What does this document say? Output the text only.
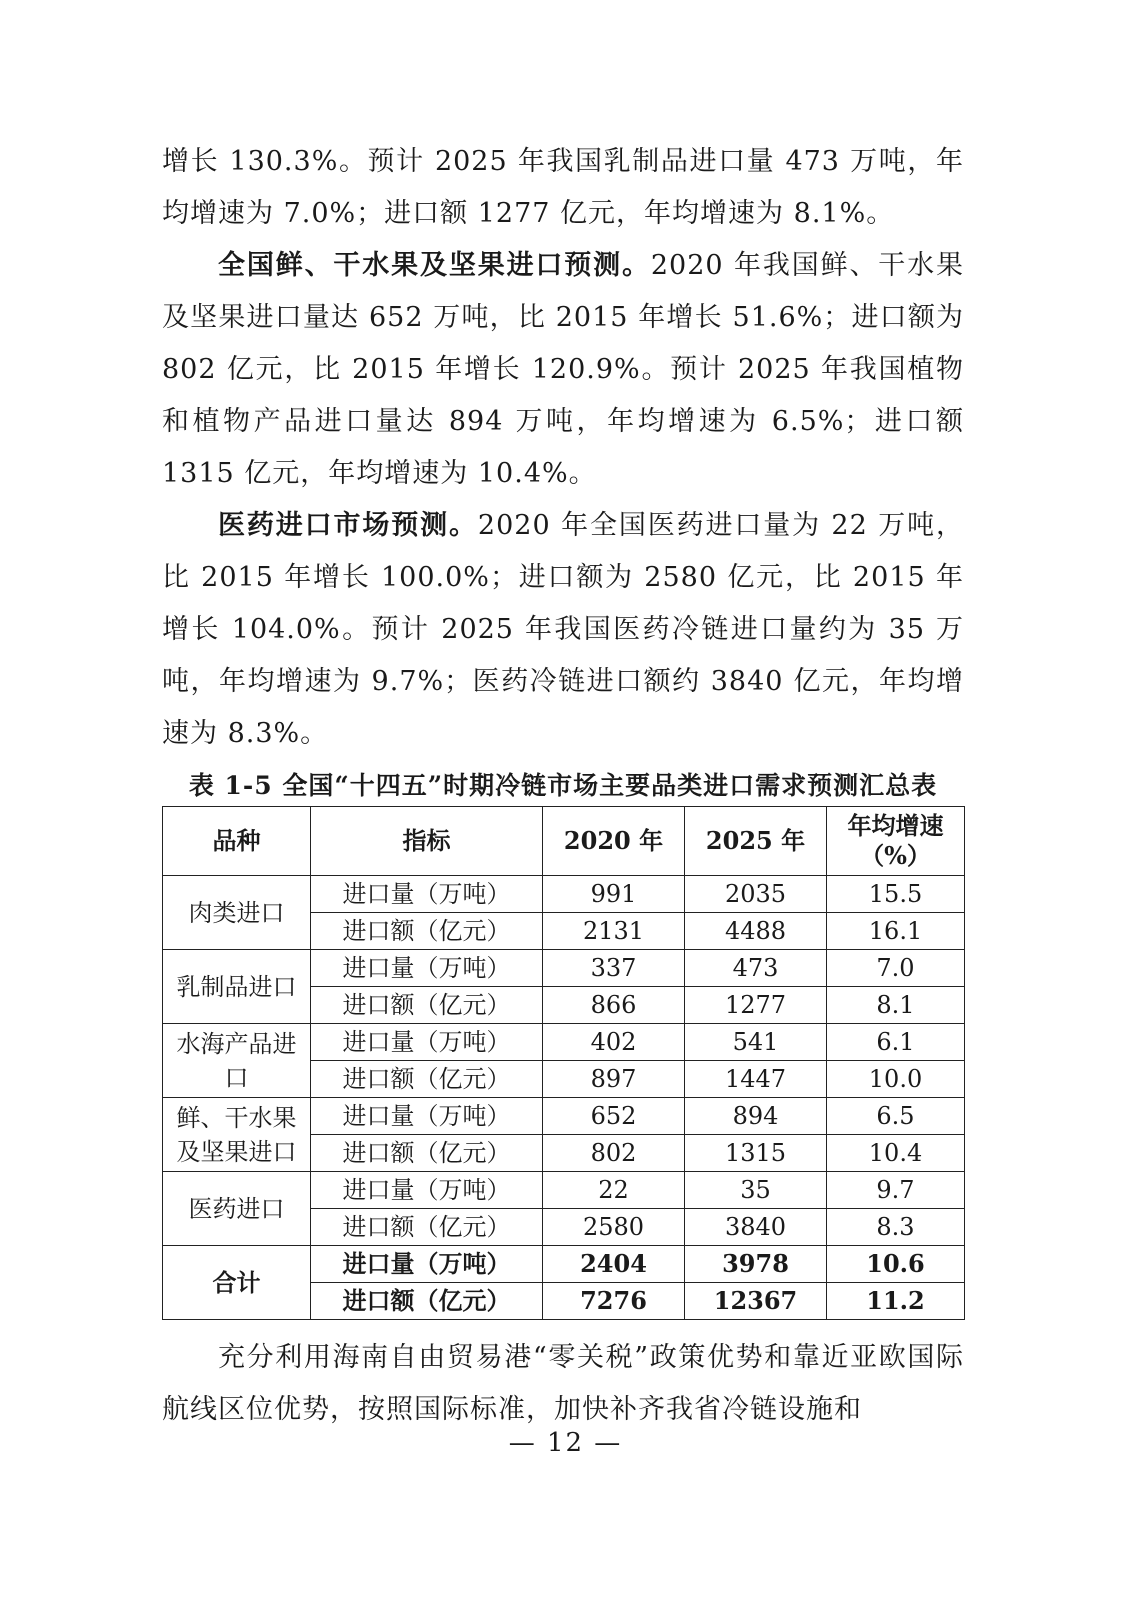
增长 130.3%。预计 2025 年我国乳制品进口量 473 万吨，年均增速为 7.0%；进口额 1277 亿元，年均增速为 8.1%。

全国鲜、干水果及坚果进口预测。2020 年我国鲜、干水果及坚果进口量达 652 万吨，比 2015 年增长 51.6%；进口额为 802 亿元，比 2015 年增长 120.9%。预计 2025 年我国植物和植物产品进口量达 894 万吨，年均增速为 6.5%；进口额 1315 亿元，年均增速为 10.4%。

医药进口市场预测。2020 年全国医药进口量为 22 万吨，比 2015 年增长 100.0%；进口额为 2580 亿元，比 2015 年增长 104.0%。预计 2025 年我国医药冷链进口量约为 35 万吨，年均增速为 9.7%；医药冷链进口额约 3840 亿元，年均增速为 8.3%。

表 1-5 全国“十四五”时期冷链市场主要品类进口需求预测汇总表
品种	指标	2020 年	2025 年	年均增速（%）
肉类进口	进口量（万吨）	991	2035	15.5
	进口额（亿元）	2131	4488	16.1
乳制品进口	进口量（万吨）	337	473	7.0
	进口额（亿元）	866	1277	8.1
水海产品进口	进口量（万吨）	402	541	6.1
	进口额（亿元）	897	1447	10.0
鲜、干水果及坚果进口	进口量（万吨）	652	894	6.5
	进口额（亿元）	802	1315	10.4
医药进口	进口量（万吨）	22	35	9.7
	进口额（亿元）	2580	3840	8.3
合计	进口量（万吨）	2404	3978	10.6
	进口额（亿元）	7276	12367	11.2

充分利用海南自由贸易港“零关税”政策优势和靠近亚欧国际航线区位优势，按照国际标准，加快补齐我省冷链设施和

— 12 —
